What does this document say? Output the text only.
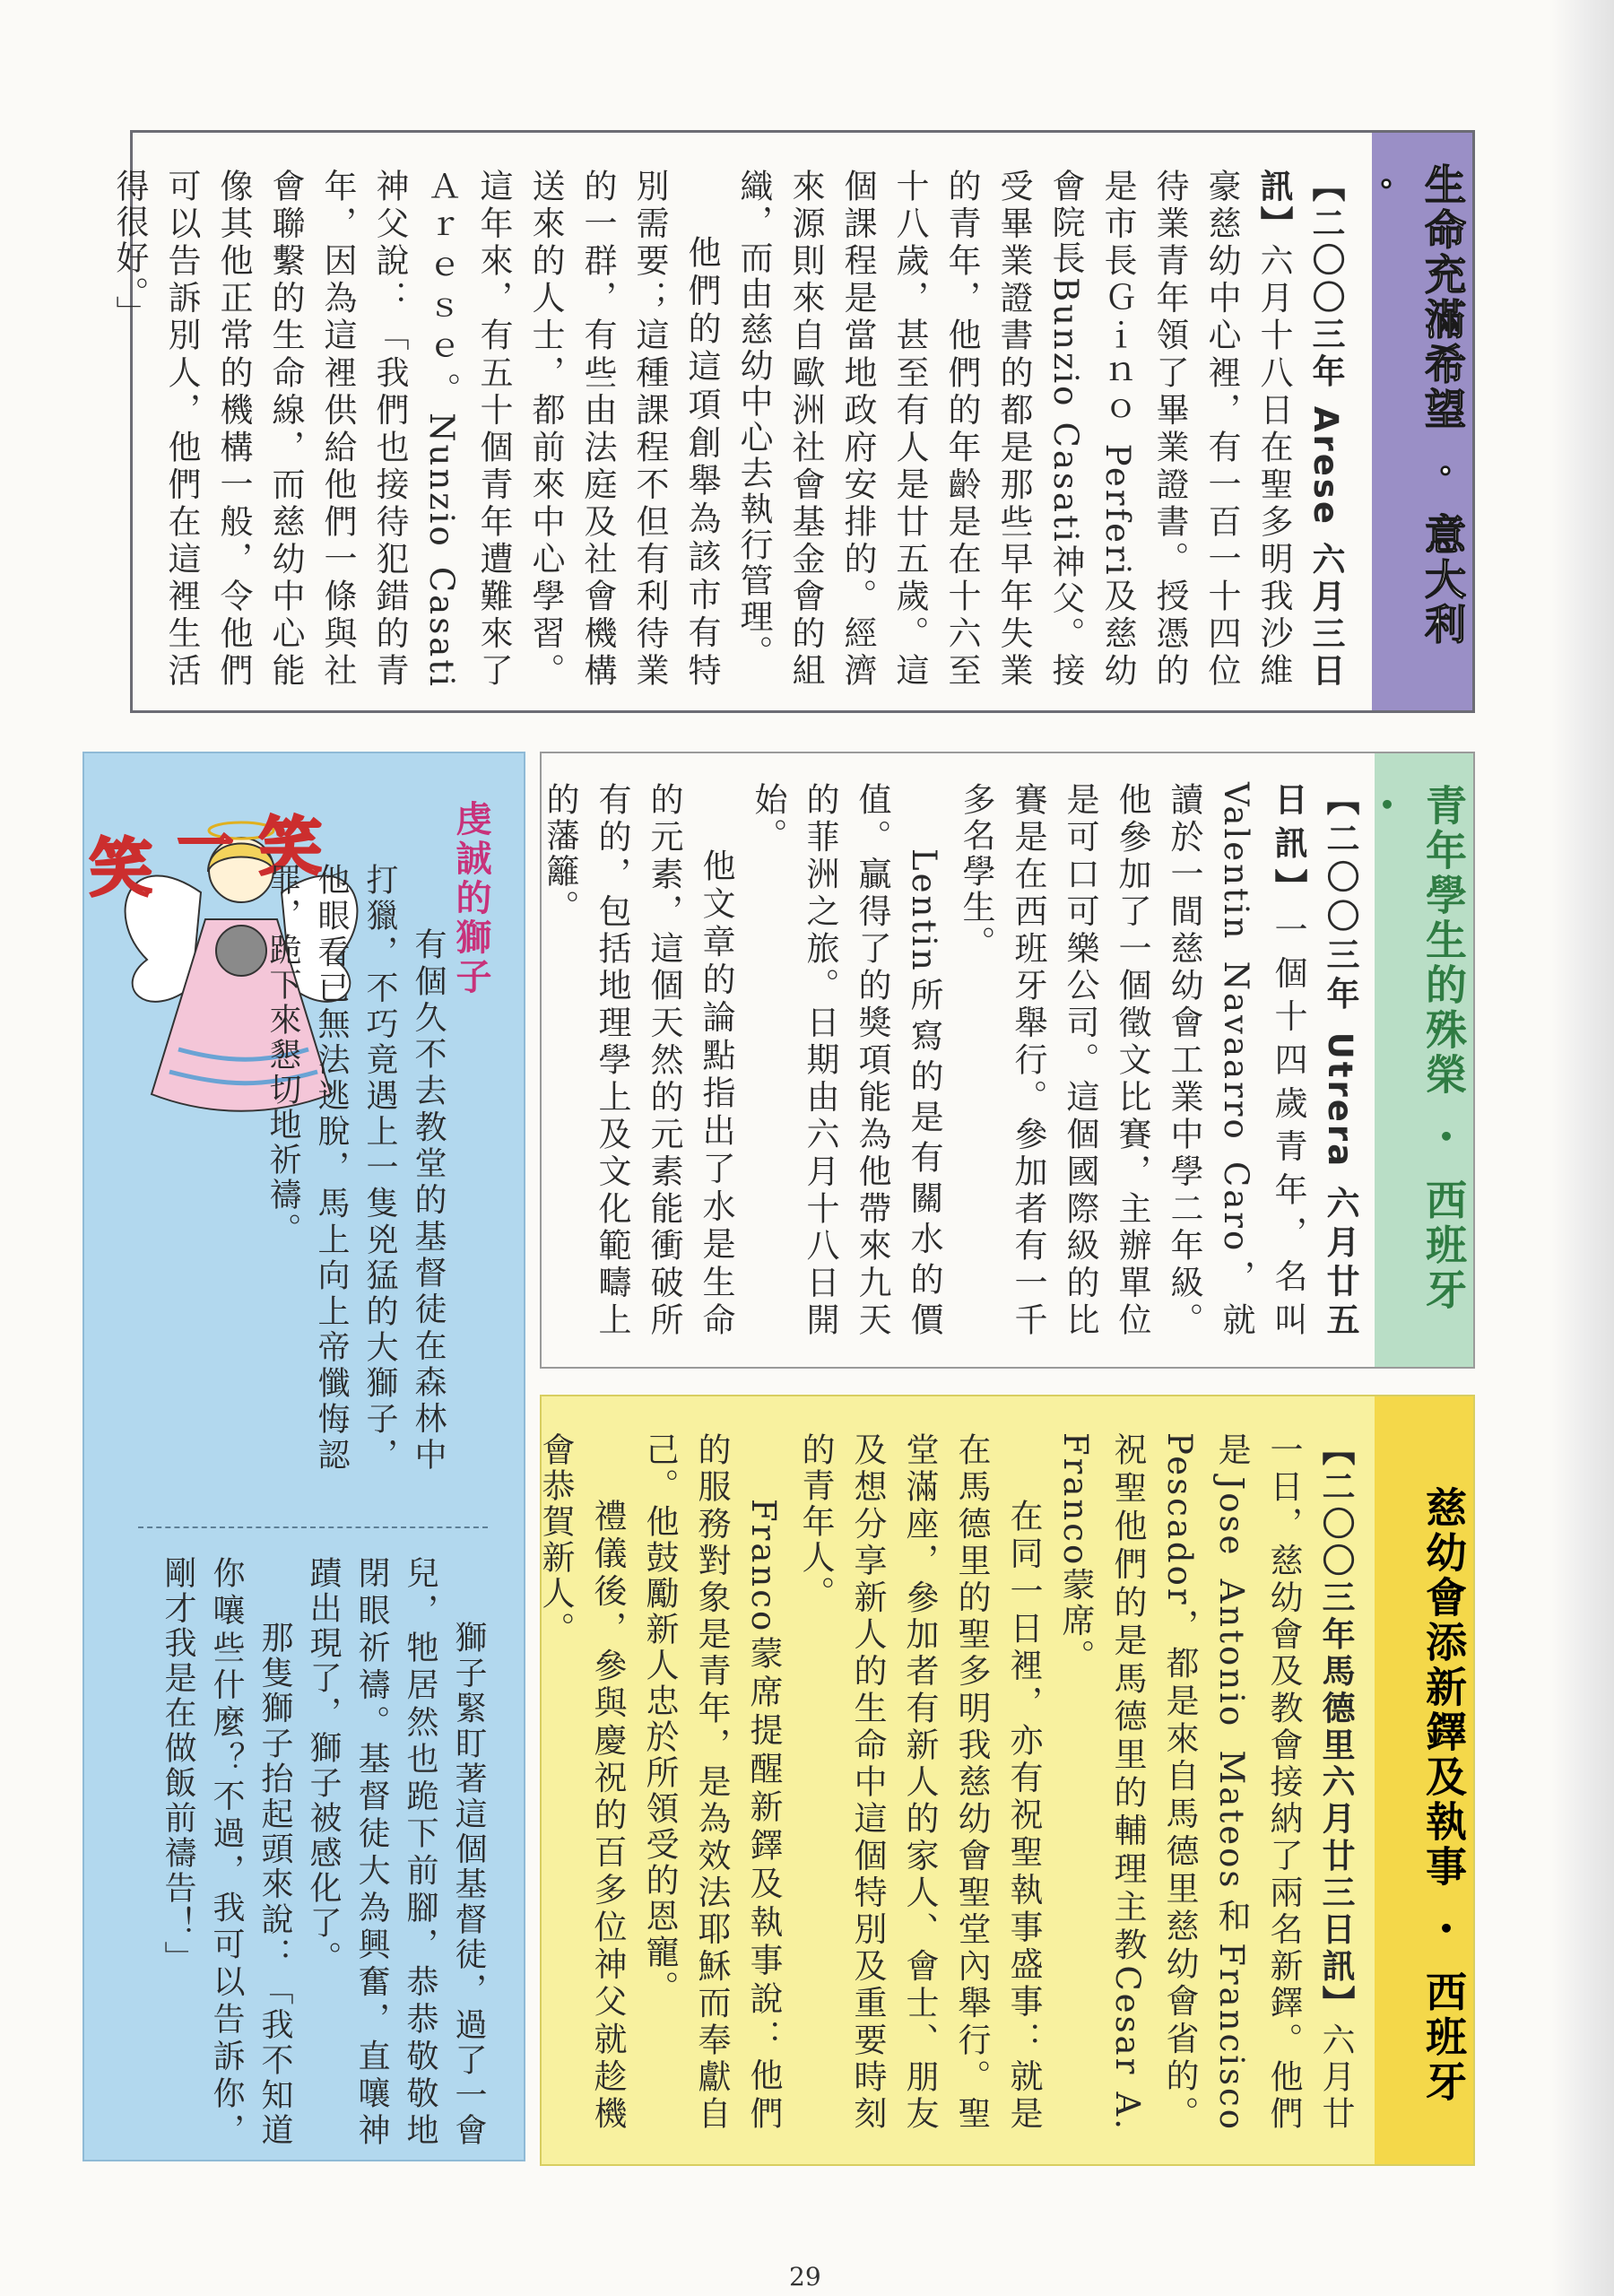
生命充滿希望 ・ 意大利 ・

【二〇〇三年 Arese 六月三日訊】六月十八日在聖多明我沙維豪慈幼中心裡，有一百一十四位待業青年領了畢業證書。授憑的是市長Ｇｉｎｏ Perferi及慈幼會院長Bunzio Casati神父。接受畢業證書的都是那些早年失業的青年，他們的年齡是在十六至十八歲，甚至有人是廿五歲。這個課程是當地政府安排的。經濟來源則來自歐洲社會基金會的組織，而由慈幼中心去執行管理。

他們的這項創舉為該市有特別需要；這種課程不但有利待業的一群，有些由法庭及社會機構送來的人士，都前來中心學習。這年來，有五十個青年遭難來了Ａｒｅｓｅ。Nunzio Casati神父說：「我們也接待犯錯的青年，因為這裡供給他們一條與社會聯繫的生命線，而慈幼中心能像其他正常的機構一般，令他們可以告訴別人，他們在這裡生活得很好。」

青年學生的殊榮 ・ 西班牙 ・

【二〇〇三年 Utrera 六月廿五日訊】一個十四歲青年，名叫Valentin Navaarro Caro，就讀於一間慈幼會工業中學二年級。他參加了一個徵文比賽，主辦單位是可口可樂公司。這個國際級的比賽是在西班牙舉行。參加者有一千多名學生。

Lentin所寫的是有關水的價值。贏得了的獎項能為他帶來九天的菲洲之旅。日期由六月十八日開始。

他文章的論點指出了水是生命的元素，這個天然的元素能衝破所有的，包括地理學上及文化範疇上的藩籬。

慈幼會添新鐸及執事 ・ 西班牙

【二〇〇三年馬德里六月廿三日訊】六月廿一日，慈幼會及教會接納了兩名新鐸。他們是Jose Antonio Mateos和Francisco Pescador，都是來自馬德里慈幼會省的。祝聖他們的是馬德里的輔理主教Cesar A. Franco蒙席。

在同一日裡，亦有祝聖執事盛事：就是在馬德里的聖多明我慈幼會聖堂內舉行。聖堂滿座，參加者有新人的家人、會士、朋友及想分享新人的生命中這個特別及重要時刻的青年人。

Franco蒙席提醒新鐸及執事說：他們的服務對象是青年，是為效法耶穌而奉獻自己。他鼓勵新人忠於所領受的恩寵。

禮儀後，參與慶祝的百多位神父就趁機會恭賀新人。

笑 一 笑	虔誠的獅子

有個久不去教堂的基督徒在森林中打獵，不巧竟遇上一隻兇猛的大獅子，他眼看已無法逃脫，馬上向上帝懺悔認罪，跪下來懇切地祈禱。

獅子緊盯著這個基督徒，過了一會兒，牠居然也跪下前腳，恭恭敬敬地閉眼祈禱。基督徒大為興奮，直嚷神蹟出現了，獅子被感化了。

那隻獅子抬起頭來說：「我不知道你嚷些什麼？不過，我可以告訴你，剛才我是在做飯前禱告！」

29
